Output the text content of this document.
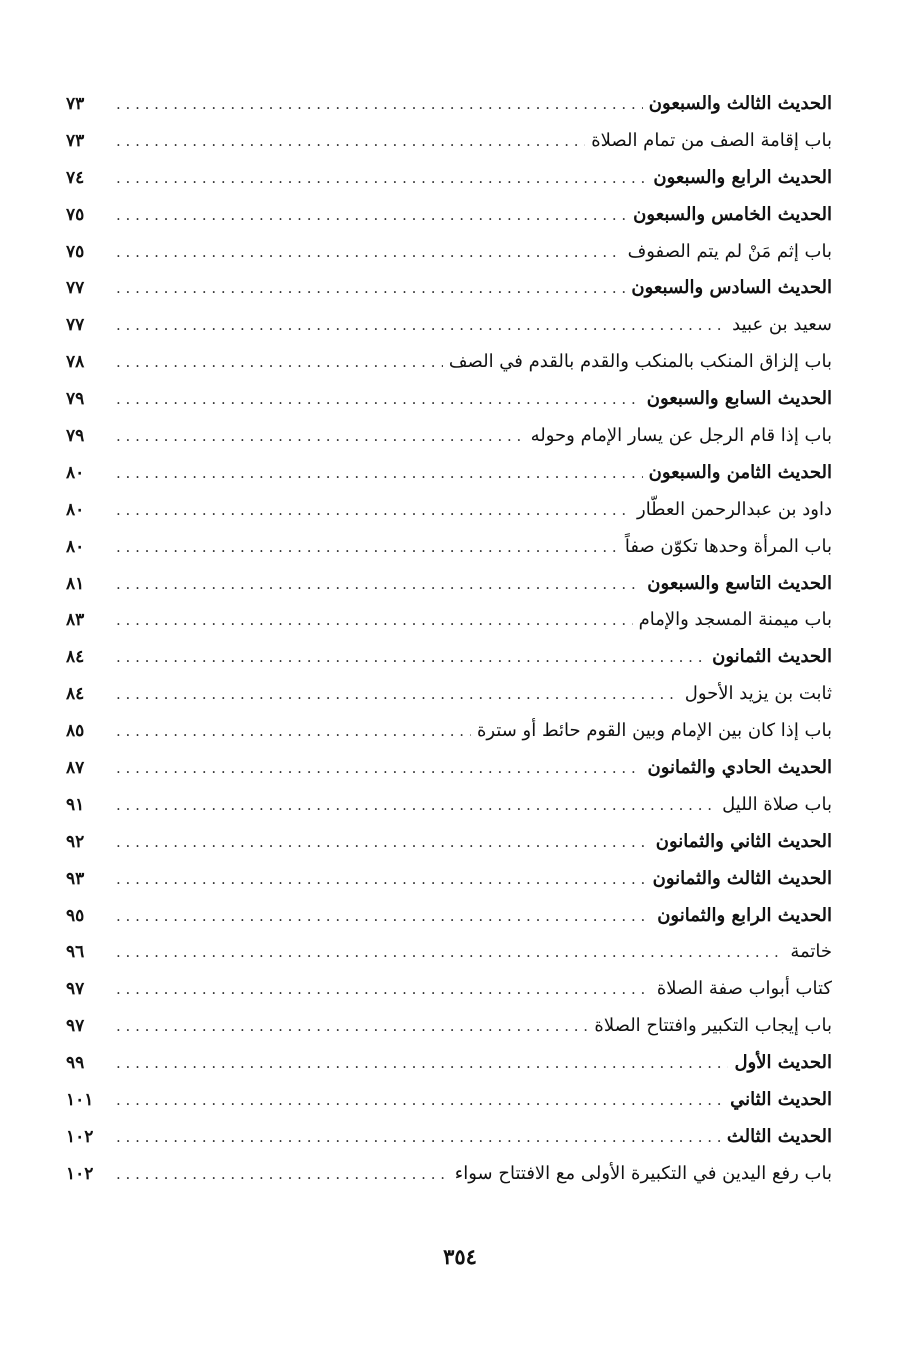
الحديث الثالث والسبعون
. . .
٧٣
باب إقامة الصف من تمام الصلاة
. . .
٧٣
الحديث الرابع والسبعون
. . .
٧٤
الحديث الخامس والسبعون
. . .
٧٥
باب إثم مَنْ لم يتم الصفوف
. . .
٧٥
الحديث السادس والسبعون
. . .
٧٧
سعيد بن عبيد
. . .
٧٧
باب إلزاق المنكب بالمنكب والقدم بالقدم في الصف
. . .
٧٨
الحديث السابع والسبعون
. . .
٧٩
باب إذا قام الرجل عن يسار الإمام وحوله
. . .
٧٩
الحديث الثامن والسبعون
. . .
٨٠
داود بن عبدالرحمن العطّار
. . .
٨٠
باب المرأة وحدها تكوّن صفاً
. . .
٨٠
الحديث التاسع والسبعون
. . .
٨١
باب ميمنة المسجد والإمام
. . .
٨٣
الحديث الثمانون
. . .
٨٤
ثابت بن يزيد الأحول
. . .
٨٤
باب إذا كان بين الإمام وبين القوم حائط أو سترة
. . .
٨٥
الحديث الحادي والثمانون
. . .
٨٧
باب صلاة الليل
. . .
٩١
الحديث الثاني والثمانون
. . .
٩٢
الحديث الثالث والثمانون
. . .
٩٣
الحديث الرابع والثمانون
. . .
٩٥
خاتمة
. . .
٩٦
كتاب أبواب صفة الصلاة
. . .
٩٧
باب إيجاب التكبير وافتتاح الصلاة
. . .
٩٧
الحديث الأول
. . .
٩٩
الحديث الثاني
. . .
١٠١
الحديث الثالث
. . .
١٠٢
باب رفع اليدين في التكبيرة الأولى مع الافتتاح سواء
. . .
١٠٢
٣٥٤
